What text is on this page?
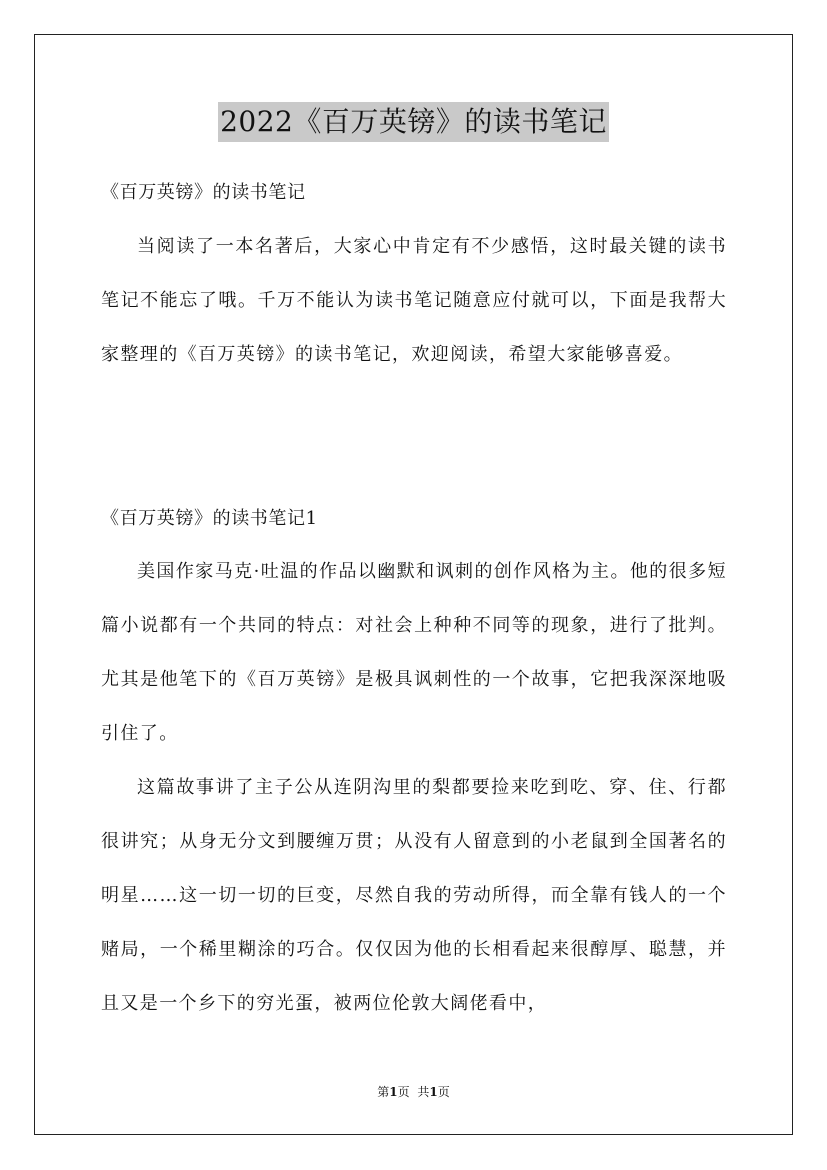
2022《百万英镑》的读书笔记
《百万英镑》的读书笔记

当阅读了一本名著后，大家心中肯定有不少感悟，这时最关键的读书笔记不能忘了哦。千万不能认为读书笔记随意应付就可以，下面是我帮大家整理的《百万英镑》的读书笔记，欢迎阅读，希望大家能够喜爱。

《百万英镑》的读书笔记1

美国作家马克·吐温的作品以幽默和讽刺的创作风格为主。他的很多短篇小说都有一个共同的特点：对社会上种种不同等的现象，进行了批判。尤其是他笔下的《百万英镑》是极具讽刺性的一个故事，它把我深深地吸引住了。

这篇故事讲了主子公从连阴沟里的梨都要捡来吃到吃、穿、住、行都很讲究；从身无分文到腰缠万贯；从没有人留意到的小老鼠到全国著名的明星……这一切一切的巨变，尽然自我的劳动所得，而全靠有钱人的一个赌局，一个稀里糊涂的巧合。仅仅因为他的长相看起来很醇厚、聪慧，并且又是一个乡下的穷光蛋，被两位伦敦大阔佬看中，

第1页 共1页
